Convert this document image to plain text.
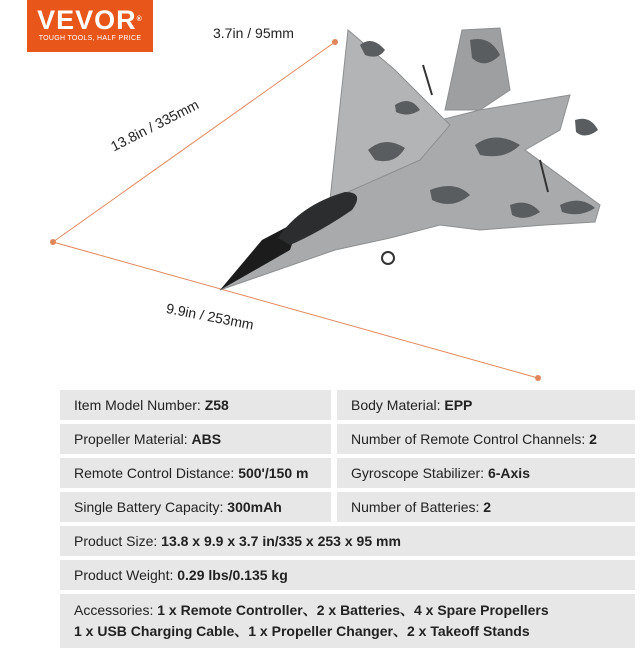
VEVOR®
TOUGH TOOLS, HALF PRICE	3.7in / 95mm
13.8in / 335mm
9.9in / 253mm
Item Model Number: Z58	Body Material: EPP
Propeller Material: ABS	Number of Remote Control Channels: 2
Remote Control Distance: 500'/150 m	Gyroscope Stabilizer: 6-Axis
Single Battery Capacity: 300mAh	Number of Batteries: 2
Product Size: 13.8 x 9.9 x 3.7 in/335 x 253 x 95 mm
Product Weight: 0.29 lbs/0.135 kg
Accessories: 1 x Remote Controller、2 x Batteries、4 x Spare Propellers
1 x USB Charging Cable、1 x Propeller Changer、2 x Takeoff Stands
